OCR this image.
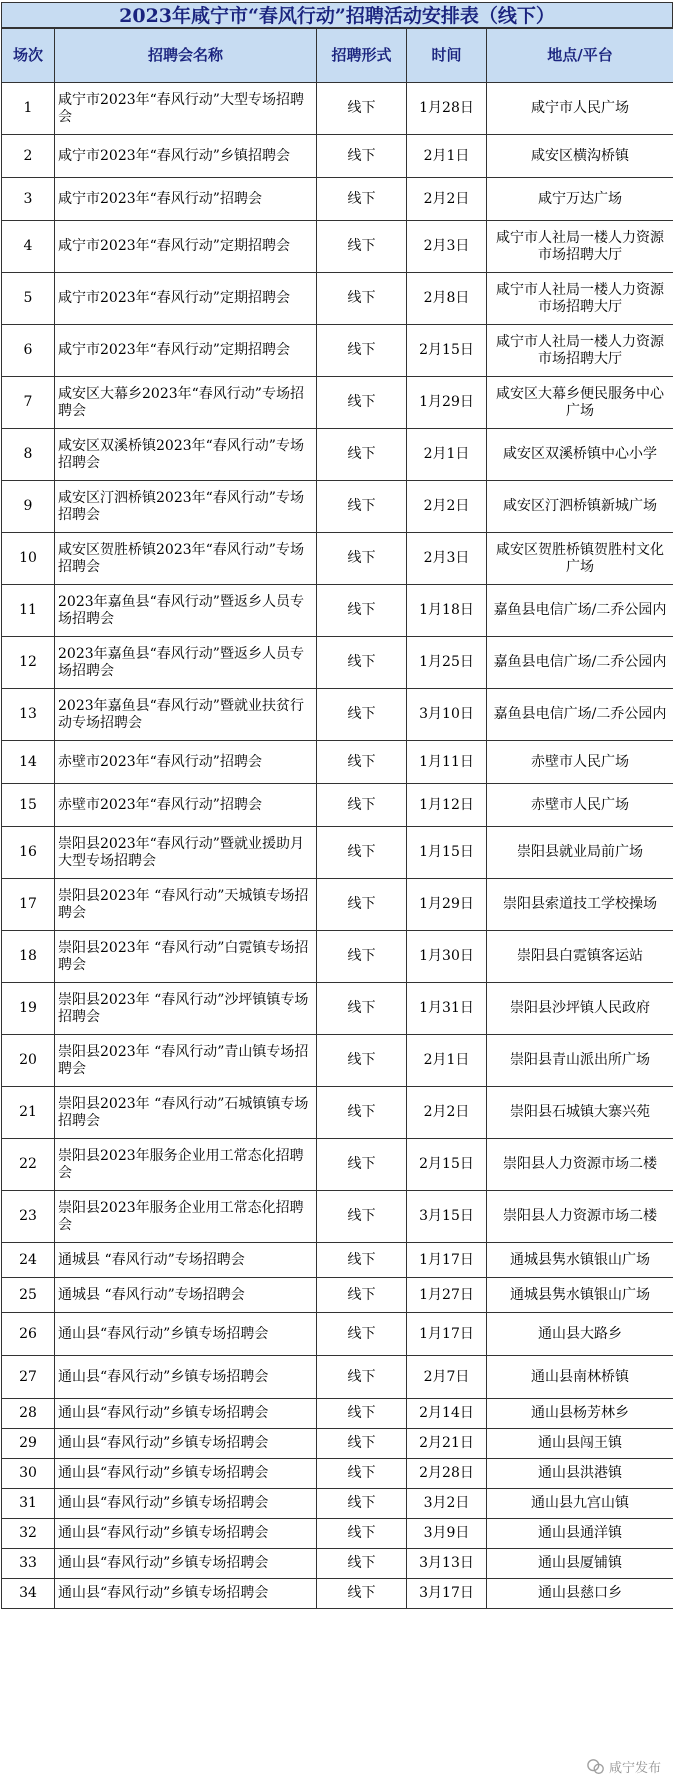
2023年咸宁市“春风行动”招聘活动安排表（线下）
场次	招聘会名称	招聘形式	时间	地点/平台
1	咸宁市2023年“春风行动”大型专场招聘会	线下	1月28日	咸宁市人民广场
2	咸宁市2023年“春风行动”乡镇招聘会	线下	2月1日	咸安区横沟桥镇
3	咸宁市2023年“春风行动”招聘会	线下	2月2日	咸宁万达广场
4	咸宁市2023年“春风行动”定期招聘会	线下	2月3日	咸宁市人社局一楼人力资源市场招聘大厅
5	咸宁市2023年“春风行动”定期招聘会	线下	2月8日	咸宁市人社局一楼人力资源市场招聘大厅
6	咸宁市2023年“春风行动”定期招聘会	线下	2月15日	咸宁市人社局一楼人力资源市场招聘大厅
7	咸安区大幕乡2023年“春风行动”专场招聘会	线下	1月29日	咸安区大幕乡便民服务中心广场
8	咸安区双溪桥镇2023年“春风行动”专场招聘会	线下	2月1日	咸安区双溪桥镇中心小学
9	咸安区汀泗桥镇2023年“春风行动”专场招聘会	线下	2月2日	咸安区汀泗桥镇新城广场
10	咸安区贺胜桥镇2023年“春风行动”专场招聘会	线下	2月3日	咸安区贺胜桥镇贺胜村文化广场
11	2023年嘉鱼县“春风行动”暨返乡人员专场招聘会	线下	1月18日	嘉鱼县电信广场/二乔公园内
12	2023年嘉鱼县“春风行动”暨返乡人员专场招聘会	线下	1月25日	嘉鱼县电信广场/二乔公园内
13	2023年嘉鱼县“春风行动”暨就业扶贫行动专场招聘会	线下	3月10日	嘉鱼县电信广场/二乔公园内
14	赤壁市2023年“春风行动”招聘会	线下	1月11日	赤壁市人民广场
15	赤壁市2023年“春风行动”招聘会	线下	1月12日	赤壁市人民广场
16	崇阳县2023年“春风行动”暨就业援助月大型专场招聘会	线下	1月15日	崇阳县就业局前广场
17	崇阳县2023年 “春风行动”天城镇专场招聘会	线下	1月29日	崇阳县索道技工学校操场
18	崇阳县2023年 “春风行动”白霓镇专场招聘会	线下	1月30日	崇阳县白霓镇客运站
19	崇阳县2023年 “春风行动”沙坪镇镇专场招聘会	线下	1月31日	崇阳县沙坪镇人民政府
20	崇阳县2023年 “春风行动”青山镇专场招聘会	线下	2月1日	崇阳县青山派出所广场
21	崇阳县2023年 “春风行动”石城镇镇专场招聘会	线下	2月2日	崇阳县石城镇大寨兴苑
22	崇阳县2023年服务企业用工常态化招聘会	线下	2月15日	崇阳县人力资源市场二楼
23	崇阳县2023年服务企业用工常态化招聘会	线下	3月15日	崇阳县人力资源市场二楼
24	通城县 “春风行动”专场招聘会	线下	1月17日	通城县隽水镇银山广场
25	通城县 “春风行动”专场招聘会	线下	1月27日	通城县隽水镇银山广场
26	通山县“春风行动”乡镇专场招聘会	线下	1月17日	通山县大路乡
27	通山县“春风行动”乡镇专场招聘会	线下	2月7日	通山县南林桥镇
28	通山县“春风行动”乡镇专场招聘会	线下	2月14日	通山县杨芳林乡
29	通山县“春风行动”乡镇专场招聘会	线下	2月21日	通山县闯王镇
30	通山县“春风行动”乡镇专场招聘会	线下	2月28日	通山县洪港镇
31	通山县“春风行动”乡镇专场招聘会	线下	3月2日	通山县九宫山镇
32	通山县“春风行动”乡镇专场招聘会	线下	3月9日	通山县通洋镇
33	通山县“春风行动”乡镇专场招聘会	线下	3月13日	通山县厦铺镇
34	通山县“春风行动”乡镇专场招聘会	线下	3月17日	通山县慈口乡
咸宁发布
